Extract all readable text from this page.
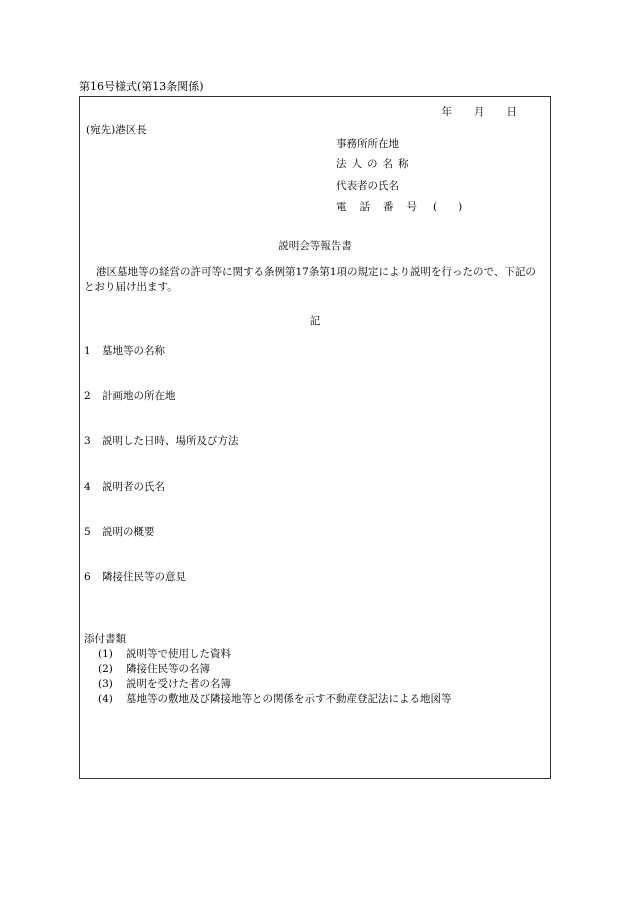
第16号様式(第13条関係)
年 月 日
(宛先)港区長
事務所所在地
法人の名称
代表者の氏名
電話番号 (　　)
説明会等報告書
港区墓地等の経営の許可等に関する条例第17条第1項の規定により説明を行ったので、下記のとおり届け出ます。
記
1 墓地等の名称
2 計画地の所在地
3 説明した日時、場所及び方法
4 説明者の氏名
5 説明の概要
6 隣接住民等の意見
添付書類
(1) 説明等で使用した資料
(2) 隣接住民等の名簿
(3) 説明を受けた者の名簿
(4) 墓地等の敷地及び隣接地等との関係を示す不動産登記法による地図等
